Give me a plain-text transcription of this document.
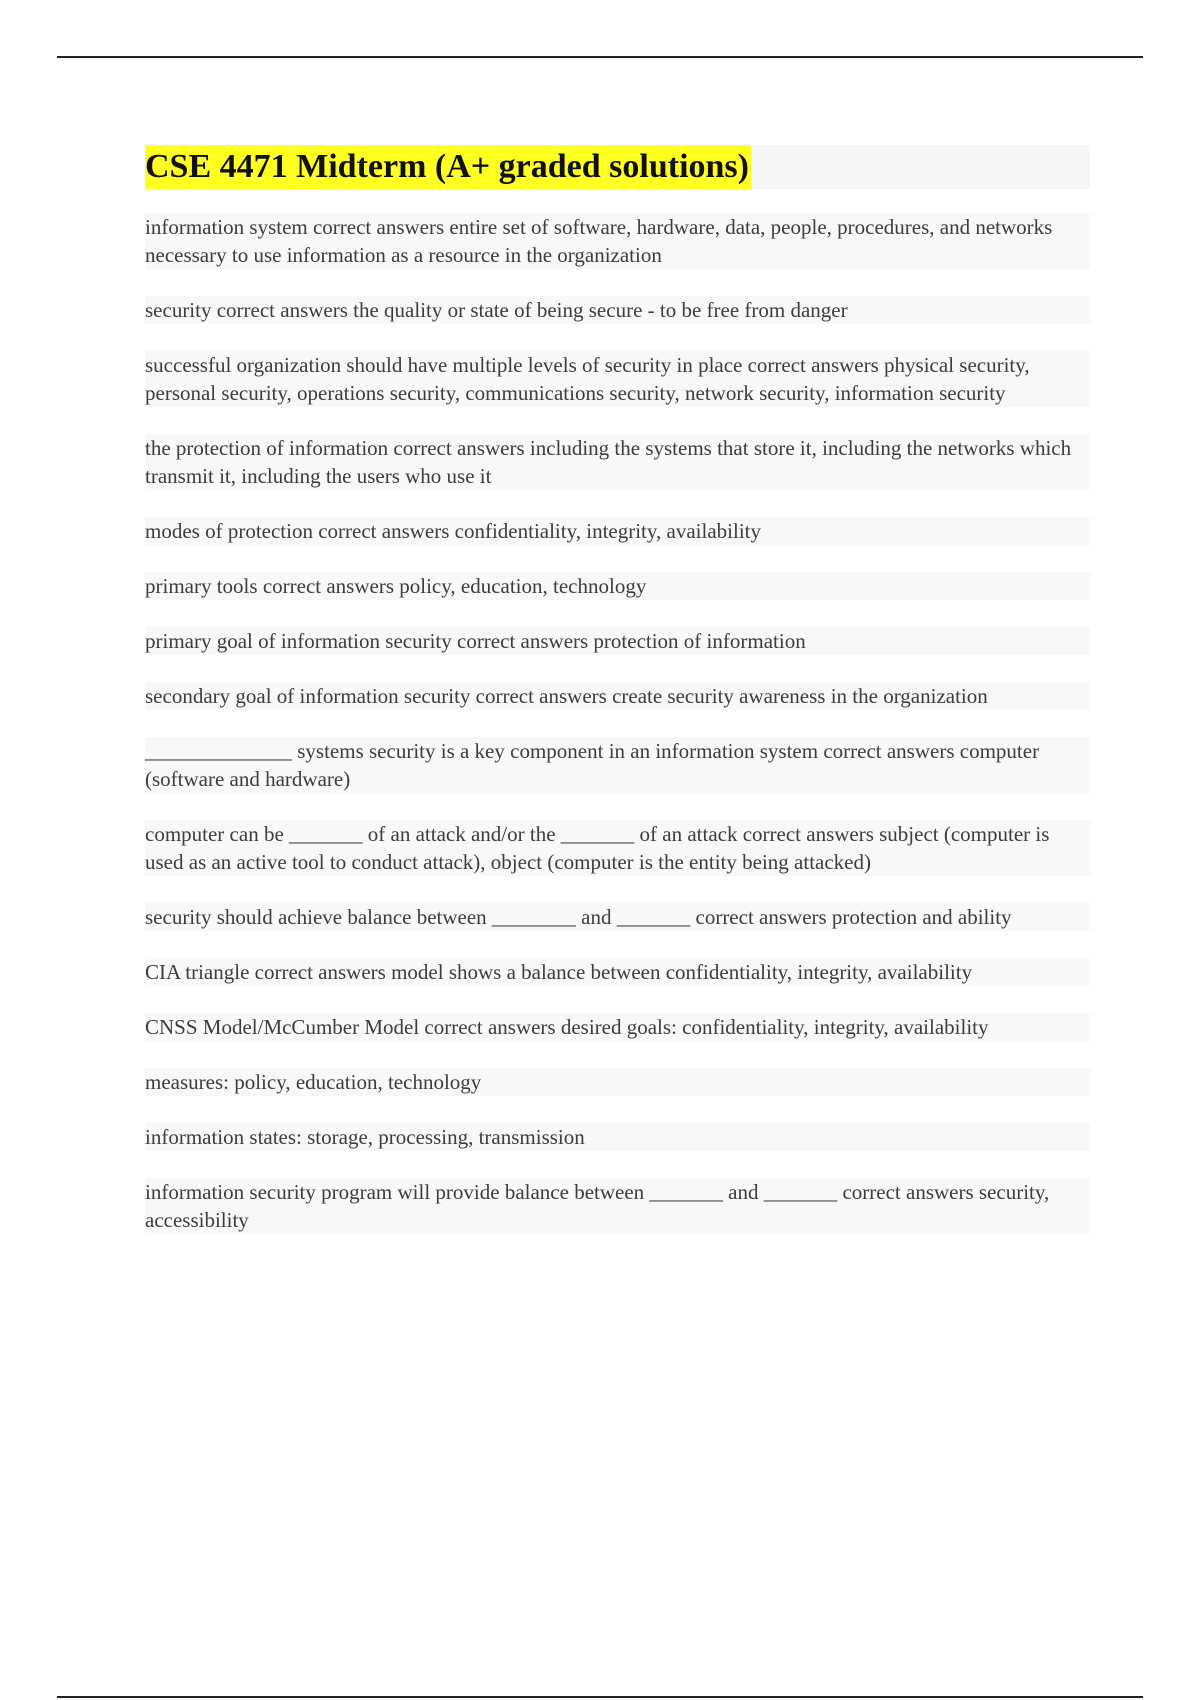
CSE 4471 Midterm (A+ graded solutions)

information system correct answers entire set of software, hardware, data, people, procedures, and networks necessary to use information as a resource in the organization

security correct answers the quality or state of being secure - to be free from danger

successful organization should have multiple levels of security in place correct answers physical security, personal security, operations security, communications security, network security, information security

the protection of information correct answers including the systems that store it, including the networks which transmit it, including the users who use it

modes of protection correct answers confidentiality, integrity, availability

primary tools correct answers policy, education, technology

primary goal of information security correct answers protection of information

secondary goal of information security correct answers create security awareness in the organization

______________ systems security is a key component in an information system correct answers computer (software and hardware)

computer can be _______ of an attack and/or the _______ of an attack correct answers subject (computer is used as an active tool to conduct attack), object (computer is the entity being attacked)

security should achieve balance between ________ and _______ correct answers protection and ability

CIA triangle correct answers model shows a balance between confidentiality, integrity, availability

CNSS Model/McCumber Model correct answers desired goals: confidentiality, integrity, availability

measures: policy, education, technology

information states: storage, processing, transmission

information security program will provide balance between _______ and _______ correct answers security, accessibility
